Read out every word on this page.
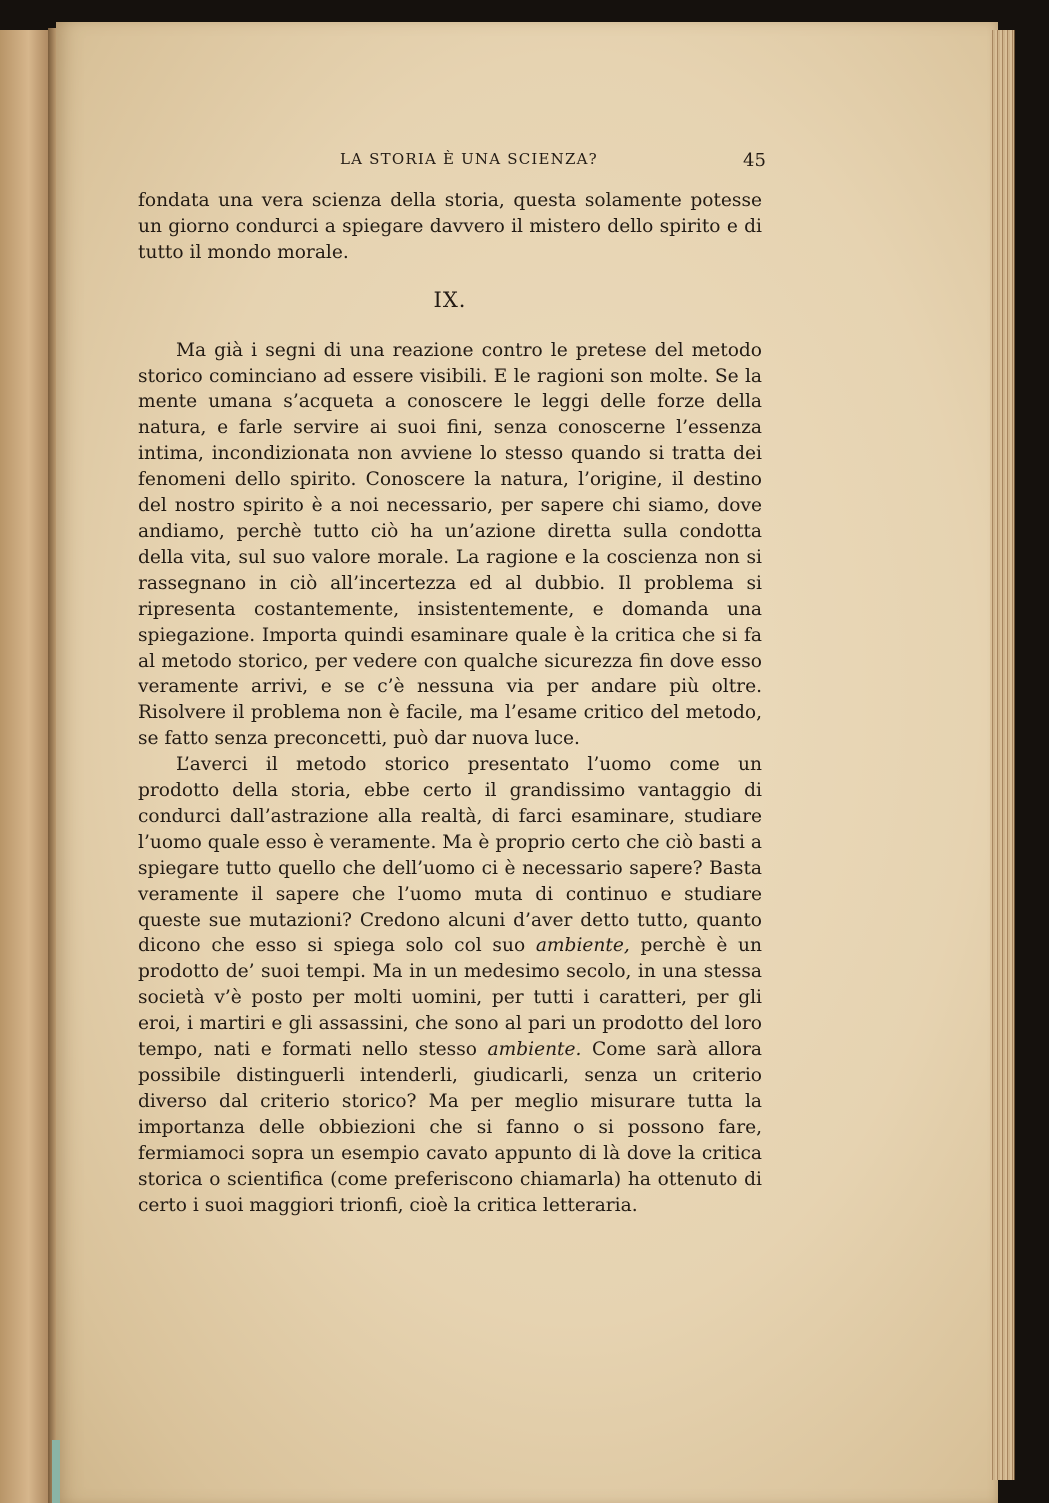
LA STORIA È UNA SCIENZA?	45

fondata una vera scienza della storia, questa solamente potesse un giorno condurci a spiegare davvero il mistero dello spirito e di tutto il mondo morale.

IX.

Ma già i segni di una reazione contro le pretese del metodo storico cominciano ad essere visibili. E le ragioni son molte. Se la mente umana s’acqueta a conoscere le leggi delle forze della natura, e farle servire ai suoi fini, senza conoscerne l’essenza intima, incondizionata non avviene lo stesso quando si tratta dei fenomeni dello spirito. Conoscere la natura, l’origine, il destino del nostro spirito è a noi necessario, per sapere chi siamo, dove andiamo, perchè tutto ciò ha un’azione diretta sulla condotta della vita, sul suo valore morale. La ragione e la coscienza non si rassegnano in ciò all’incertezza ed al dubbio. Il problema si ripresenta costantemente, insistentemente, e domanda una spiegazione. Importa quindi esaminare quale è la critica che si fa al metodo storico, per vedere con qualche sicurezza fin dove esso veramente arrivi, e se c’è nessuna via per andare più oltre. Risolvere il problema non è facile, ma l’esame critico del metodo, se fatto senza preconcetti, può dar nuova luce.

L’averci il metodo storico presentato l’uomo come un prodotto della storia, ebbe certo il grandissimo vantaggio di condurci dall’astrazione alla realtà, di farci esaminare, studiare l’uomo quale esso è veramente. Ma è proprio certo che ciò basti a spiegare tutto quello che dell’uomo ci è necessario sapere? Basta veramente il sapere che l’uomo muta di continuo e studiare queste sue mutazioni? Credono alcuni d’aver detto tutto, quanto dicono che esso si spiega solo col suo ambiente, perchè è un prodotto de’ suoi tempi. Ma in un medesimo secolo, in una stessa società v’è posto per molti uomini, per tutti i caratteri, per gli eroi, i martiri e gli assassini, che sono al pari un prodotto del loro tempo, nati e formati nello stesso ambiente. Come sarà allora possibile distinguerli intenderli, giudicarli, senza un criterio diverso dal criterio storico? Ma per meglio misurare tutta la importanza delle obbiezioni che si fanno o si possono fare, fermiamoci sopra un esempio cavato appunto di là dove la critica storica o scientifica (come preferiscono chiamarla) ha ottenuto di certo i suoi maggiori trionfi, cioè la critica letteraria.
